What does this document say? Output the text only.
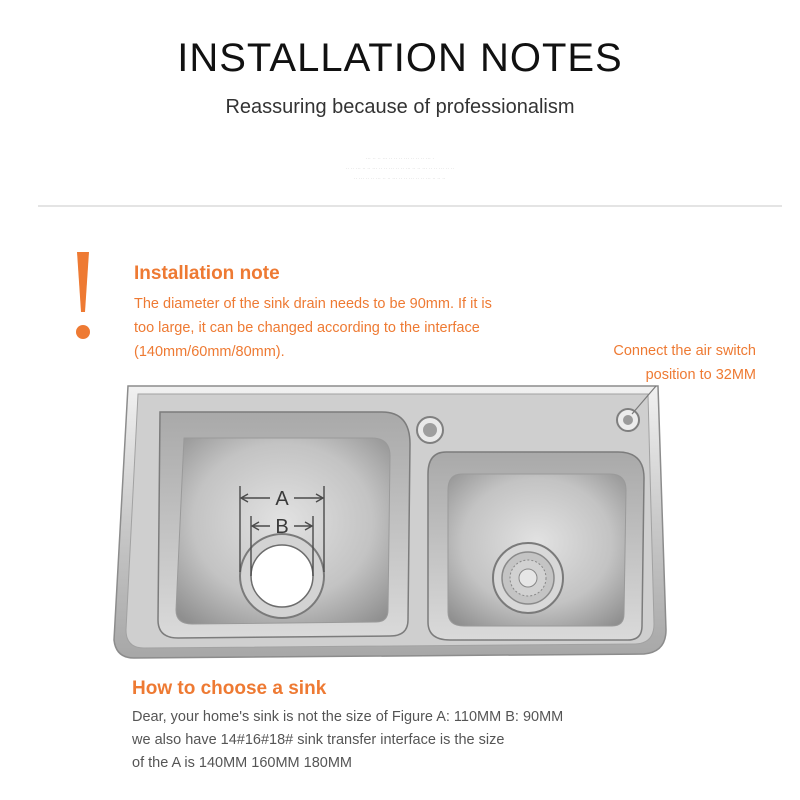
INSTALLATION NOTES
Reassuring because of professionalism
··· ·· ·· ··· ·· ·· ·· ··· ·· ·· ·· ··· ·
·· ·· ··· ·· ·· ··· ·· ·· ··· ·· ·· ··· ·· ·· ··· ·· ·· ··· ·· ··
·· ··· ·· ·· ··· ·· ·· ··· ·· ·· ··· ·· ·· ··· ·· ·· ··
Installation note
The diameter of the sink drain needs to be 90mm. If it is
too large, it can be changed according to the interface
(140mm/60mm/80mm).	Connect the air switch
position to 32MM
A
B
How to choose a sink
Dear, your home's sink is not the size of Figure A: 110MM B: 90MM
we also have 14#16#18# sink transfer interface is the size
of the A is 140MM 160MM 180MM
